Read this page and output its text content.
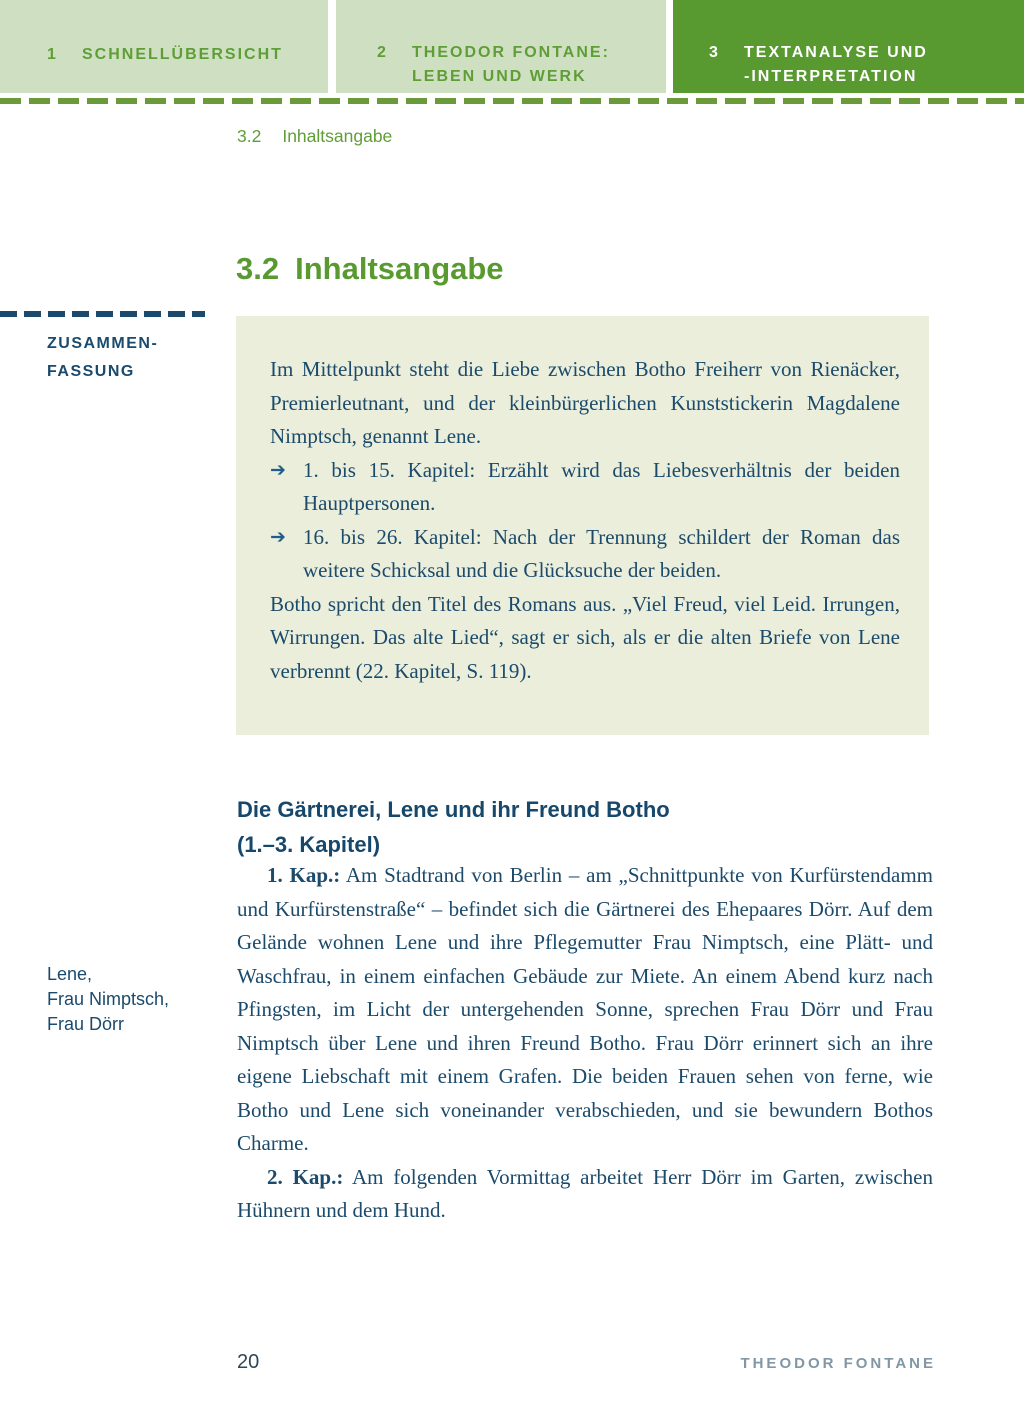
1	SCHNELLÜBERSICHT	2	THEODOR FONTANE:
LEBEN UND WERK
3	TEXTANALYSE UND
-INTERPRETATION
3.2 Inhaltsangabe
3.2 Inhaltsangabe
ZUSAMMEN-
FASSUNG
Lene,
Frau Nimptsch,
Frau Dörr

Im Mittelpunkt steht die Liebe zwischen Botho Freiherr von Rienäcker, Premierleutnant, und der kleinbürgerlichen Kunststickerin Magdalene Nimptsch, genannt Lene.

➔ 1. bis 15. Kapitel: Erzählt wird das Liebesverhältnis der beiden Hauptpersonen.
➔ 16. bis 26. Kapitel: Nach der Trennung schildert der Roman das weitere Schicksal und die Glücksuche der beiden.

Botho spricht den Titel des Romans aus. „Viel Freud, viel Leid. Irrungen, Wirrungen. Das alte Lied“, sagt er sich, als er die alten Briefe von Lene verbrennt (22. Kapitel, S. 119).

Die Gärtnerei, Lene und ihr Freund Botho
(1.–3. Kapitel)

1. Kap.: Am Stadtrand von Berlin – am „Schnittpunkte von Kurfürstendamm und Kurfürstenstraße“ – befindet sich die Gärtnerei des Ehepaares Dörr. Auf dem Gelände wohnen Lene und ihre Pflegemutter Frau Nimptsch, eine Plätt- und Waschfrau, in einem einfachen Gebäude zur Miete. An einem Abend kurz nach Pfingsten, im Licht der untergehenden Sonne, sprechen Frau Dörr und Frau Nimptsch über Lene und ihren Freund Botho. Frau Dörr erinnert sich an ihre eigene Liebschaft mit einem Grafen. Die beiden Frauen sehen von ferne, wie Botho und Lene sich voneinander verabschieden, und sie bewundern Bothos Charme.

2. Kap.: Am folgenden Vormittag arbeitet Herr Dörr im Garten, zwischen Hühnern und dem Hund.

20	THEODOR FONTANE
